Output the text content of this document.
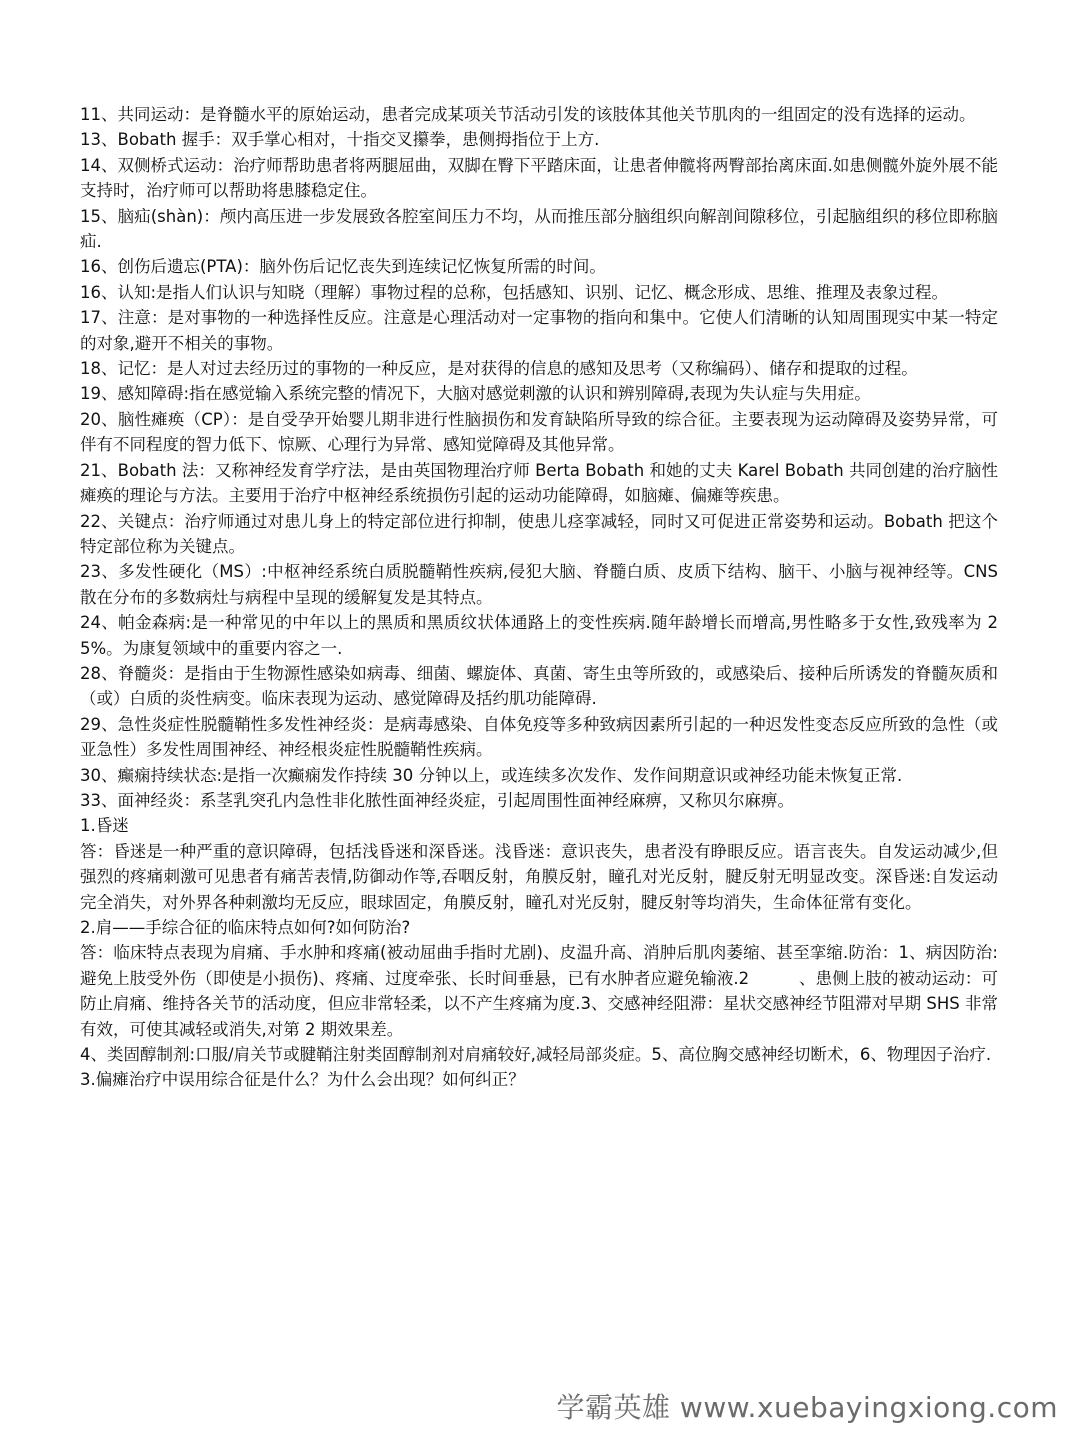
11、共同运动：是脊髓水平的原始运动，患者完成某项关节活动引发的该肢体其他关节肌肉的一组固定的没有选择的运动。

13、Bobath 握手：双手掌心相对，十指交叉攥拳，患侧拇指位于上方.

14、双侧桥式运动：治疗师帮助患者将两腿屈曲，双脚在臀下平踏床面，让患者伸髋将两臀部抬离床面.如患侧髋外旋外展不能支持时，治疗师可以帮助将患膝稳定住。

15、脑疝(shàn)：颅内高压进一步发展致各腔室间压力不均，从而推压部分脑组织向解剖间隙移位，引起脑组织的移位即称脑疝.

16、创伤后遗忘(PTA)：脑外伤后记忆丧失到连续记忆恢复所需的时间。

16、认知:是指人们认识与知晓（理解）事物过程的总称，包括感知、识别、记忆、概念形成、思维、推理及表象过程。

17、注意：是对事物的一种选择性反应。注意是心理活动对一定事物的指向和集中。它使人们清晰的认知周围现实中某一特定的对象,避开不相关的事物。

18、记忆：是人对过去经历过的事物的一种反应，是对获得的信息的感知及思考（又称编码）、储存和提取的过程。

19、感知障碍:指在感觉输入系统完整的情况下，大脑对感觉刺激的认识和辨别障碍,表现为失认症与失用症。

20、脑性瘫痪（CP）：是自受孕开始婴儿期非进行性脑损伤和发育缺陷所导致的综合征。主要表现为运动障碍及姿势异常，可伴有不同程度的智力低下、惊厥、心理行为异常、感知觉障碍及其他异常。

21、Bobath 法：又称神经发育学疗法，是由英国物理治疗师 Berta Bobath 和她的丈夫 Karel Bobath 共同创建的治疗脑性瘫痪的理论与方法。主要用于治疗中枢神经系统损伤引起的运动功能障碍，如脑瘫、偏瘫等疾患。

22、关键点：治疗师通过对患儿身上的特定部位进行抑制，使患儿痉挛减轻，同时又可促进正常姿势和运动。Bobath 把这个特定部位称为关键点。

23、多发性硬化（MS）:中枢神经系统白质脱髓鞘性疾病,侵犯大脑、脊髓白质、皮质下结构、脑干、小脑与视神经等。CNS 散在分布的多数病灶与病程中呈现的缓解复发是其特点。

24、帕金森病:是一种常见的中年以上的黑质和黑质纹状体通路上的变性疾病.随年龄增长而增高,男性略多于女性,致残率为 25%。为康复领域中的重要内容之一.

28、脊髓炎：是指由于生物源性感染如病毒、细菌、螺旋体、真菌、寄生虫等所致的，或感染后、接种后所诱发的脊髓灰质和（或）白质的炎性病变。临床表现为运动、感觉障碍及括约肌功能障碍.

29、急性炎症性脱髓鞘性多发性神经炎：是病毒感染、自体免疫等多种致病因素所引起的一种迟发性变态反应所致的急性（或亚急性）多发性周围神经、神经根炎症性脱髓鞘性疾病。

30、癫痫持续状态:是指一次癫痫发作持续 30 分钟以上，或连续多次发作、发作间期意识或神经功能未恢复正常.

33、面神经炎：系茎乳突孔内急性非化脓性面神经炎症，引起周围性面神经麻痹，又称贝尔麻痹。

1.昏迷

答：昏迷是一种严重的意识障碍，包括浅昏迷和深昏迷。浅昏迷：意识丧失，患者没有睁眼反应。语言丧失。自发运动减少,但强烈的疼痛刺激可见患者有痛苦表情,防御动作等,吞咽反射，角膜反射，瞳孔对光反射，腱反射无明显改变。深昏迷:自发运动完全消失，对外界各种刺激均无反应，眼球固定，角膜反射，瞳孔对光反射，腱反射等均消失，生命体征常有变化。

2.肩——手综合征的临床特点如何?如何防治?

答：临床特点表现为肩痛、手水肿和疼痛(被动屈曲手指时尤剧)、皮温升高、消肿后肌肉萎缩、甚至挛缩.防治：1、病因防治:避免上肢受外伤（即使是小损伤)、疼痛、过度牵张、长时间垂悬，已有水肿者应避免输液.2　　　、患侧上肢的被动运动：可防止肩痛、维持各关节的活动度，但应非常轻柔，以不产生疼痛为度.3、交感神经阻滞：星状交感神经节阻滞对早期 SHS 非常有效，可使其减轻或消失,对第 2 期效果差。

4、类固醇制剂:口服/肩关节或腱鞘注射类固醇制剂对肩痛较好,减轻局部炎症。5、高位胸交感神经切断术，6、物理因子治疗.

3.偏瘫治疗中误用综合征是什么？为什么会出现？如何纠正？

学霸英雄 www.xuebayingxiong.com
